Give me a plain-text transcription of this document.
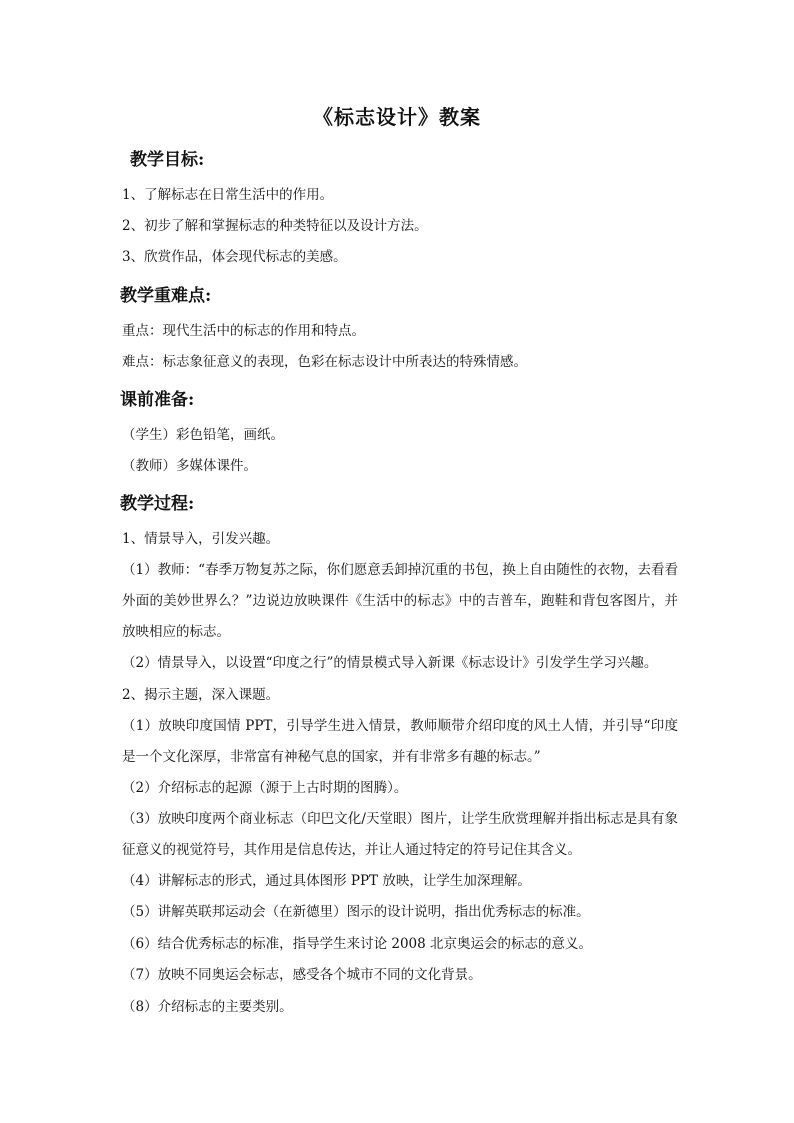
《标志设计》教案
教学目标:
1、了解标志在日常生活中的作用。
2、初步了解和掌握标志的种类特征以及设计方法。
3、欣赏作品，体会现代标志的美感。
教学重难点:
重点：现代生活中的标志的作用和特点。
难点：标志象征意义的表现，色彩在标志设计中所表达的特殊情感。
课前准备:
（学生）彩色铅笔，画纸。
（教师）多媒体课件。
教学过程:
1、情景导入，引发兴趣。
（1）教师：“春季万物复苏之际，你们愿意丢卸掉沉重的书包，换上自由随性的衣物，去看看外面的美妙世界么？”边说边放映课件《生活中的标志》中的吉普车，跑鞋和背包客图片，并放映相应的标志。
（2）情景导入，以设置“印度之行”的情景模式导入新课《标志设计》引发学生学习兴趣。
2、揭示主题，深入课题。
（1）放映印度国情 PPT，引导学生进入情景，教师顺带介绍印度的风土人情，并引导“印度是一个文化深厚，非常富有神秘气息的国家，并有非常多有趣的标志。”
（2）介绍标志的起源（源于上古时期的图腾）。
（3）放映印度两个商业标志（印巴文化/天堂眼）图片，让学生欣赏理解并指出标志是具有象征意义的视觉符号，其作用是信息传达，并让人通过特定的符号记住其含义。
（4）讲解标志的形式，通过具体图形 PPT 放映，让学生加深理解。
（5）讲解英联邦运动会（在新德里）图示的设计说明，指出优秀标志的标准。
（6）结合优秀标志的标准，指导学生来讨论 2008 北京奥运会的标志的意义。
（7）放映不同奥运会标志，感受各个城市不同的文化背景。
（8）介绍标志的主要类别。
